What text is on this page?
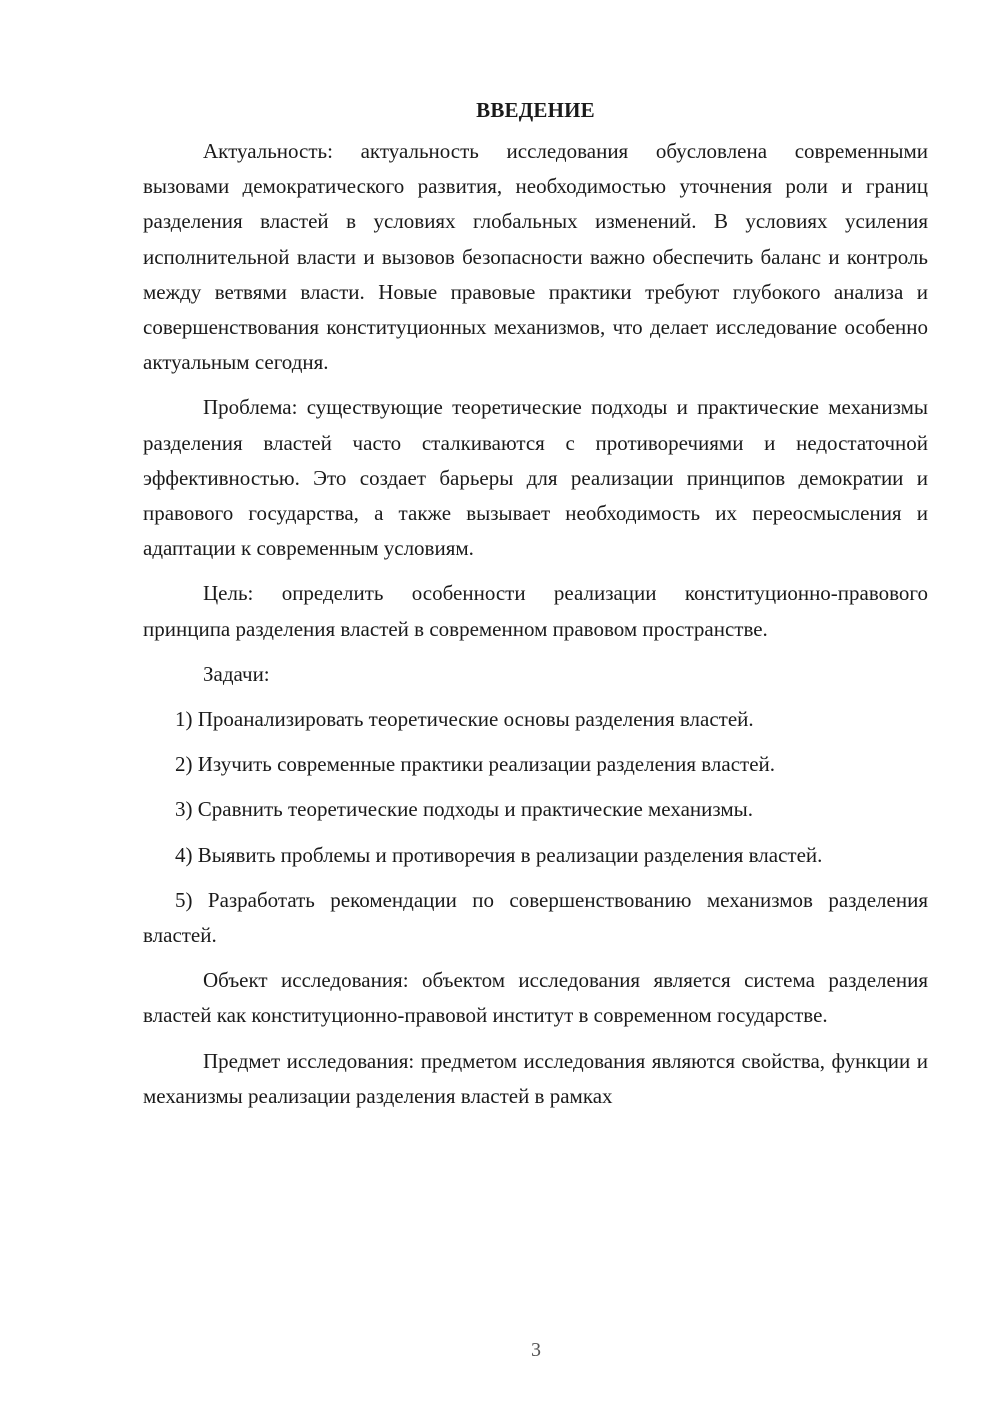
ВВЕДЕНИЕ

Актуальность: актуальность исследования обусловлена современными вызовами демократического развития, необходимостью уточнения роли и границ разделения властей в условиях глобальных изменений. В условиях усиления исполнительной власти и вызовов безопасности важно обеспечить баланс и контроль между ветвями власти. Новые правовые практики требуют глубокого анализа и совершенствования конституционных механизмов, что делает исследование особенно актуальным сегодня.

Проблема: существующие теоретические подходы и практические механизмы разделения властей часто сталкиваются с противоречиями и недостаточной эффективностью. Это создает барьеры для реализации принципов демократии и правового государства, а также вызывает необходимость их переосмысления и адаптации к современным условиям.

Цель: определить особенности реализации конституционно-правового принципа разделения властей в современном правовом пространстве.

Задачи:

1) Проанализировать теоретические основы разделения властей.

2) Изучить современные практики реализации разделения властей.

3) Сравнить теоретические подходы и практические механизмы.

4) Выявить проблемы и противоречия в реализации разделения властей.

5) Разработать рекомендации по совершенствованию механизмов разделения властей.

Объект исследования: объектом исследования является система разделения властей как конституционно-правовой институт в современном государстве.

Предмет исследования: предметом исследования являются свойства, функции и механизмы реализации разделения властей в рамках

3
